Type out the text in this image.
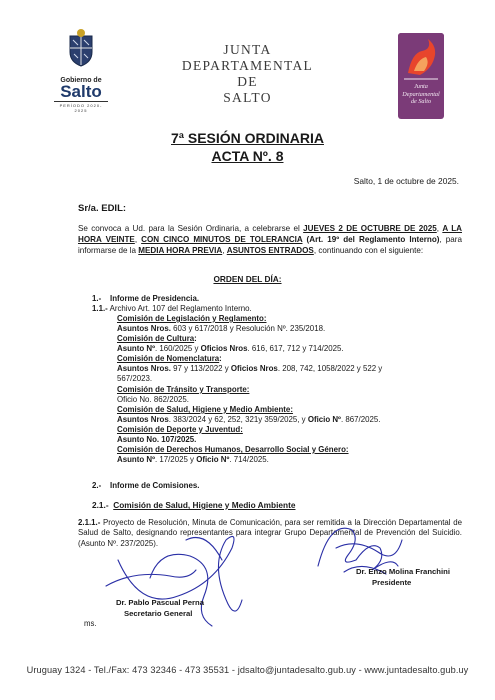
Gobierno de
Salto
PERÍODO 2020-2025
JUNTA
DEPARTAMENTAL
DE
SALTO
Junta
Departamental
de Salto
7ª SESIÓN ORDINARIA
ACTA Nº. 8
Salto, 1 de octubre de 2025.
Sr/a. EDIL:
Se convoca a Ud. para la Sesión Ordinaria, a celebrarse el JUEVES 2 DE OCTUBRE DE 2025, A LA HORA VEINTE, CON CINCO MINUTOS DE TOLERANCIA (Art. 19º del Reglamento Interno), para informarse de la MEDIA HORA PREVIA, ASUNTOS ENTRADOS, continuando con el siguiente:
ORDEN DEL DÍA:
1.- Informe de Presidencia.
1.1.- Archivo Art. 107 del Reglamento Interno.
Comisión de Legislación y Reglamento:
Asuntos Nros. 603 y 617/2018 y Resolución Nº. 235/2018.
Comisión de Cultura:
Asunto Nº. 160/2025 y Oficios Nros. 616, 617, 712 y 714/2025.
Comisión de Nomenclatura:
Asuntos Nros. 97 y 113/2022 y Oficios Nros. 208, 742, 1058/2022 y 522 y
567/2023.
Comisión de Tránsito y Transporte:
Oficio No. 862/2025.
Comisión de Salud, Higiene y Medio Ambiente:
Asuntos Nros. 383/2024 y 62, 252, 321y 359/2025, y Oficio Nº. 867/2025.
Comisión de Deporte y Juventud:
Asunto No. 107/2025.
Comisión de Derechos Humanos, Desarrollo Social y Género:
Asunto Nº. 17/2025 y Oficio Nº. 714/2025.
2.- Informe de Comisiones.
2.1.- Comisión de Salud, Higiene y Medio Ambiente
2.1.1.- Proyecto de Resolución, Minuta de Comunicación, para ser remitida a la Dirección Departamental de Salud de Salto, designando representantes para integrar Grupo Departamental de Prevención del Suicidio. (Asunto Nº. 237/2025).
Dr. Enzo Molina Franchini
Presidente
Dr. Pablo Pascual Perna
Secretario General
ms.
Uruguay 1324 - Tel./Fax: 473 32346 - 473 35531 - jdsalto@juntadesalto.gub.uy - www.juntadesalto.gub.uy
